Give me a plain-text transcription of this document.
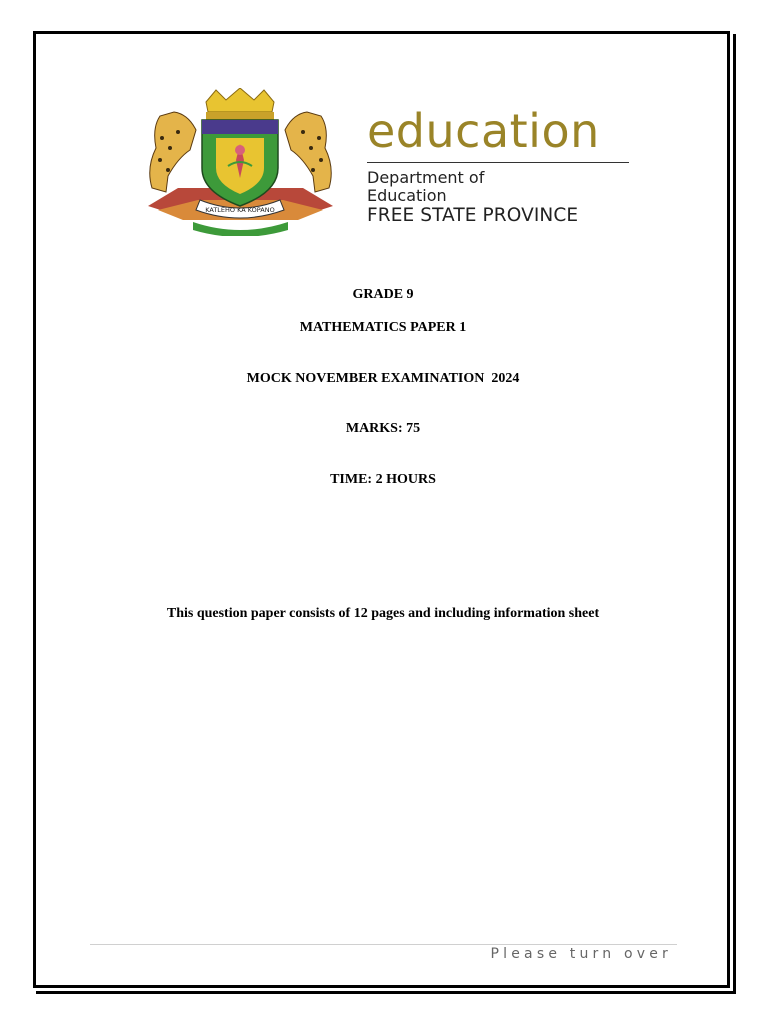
KATLEHO KA KOPANO
education
Department of
Education
FREE STATE PROVINCE
GRADE 9
MATHEMATICS PAPER 1
MOCK NOVEMBER EXAMINATION  2024
MARKS: 75
TIME: 2 HOURS
This question paper consists of 12 pages and including information sheet
Please turn over
